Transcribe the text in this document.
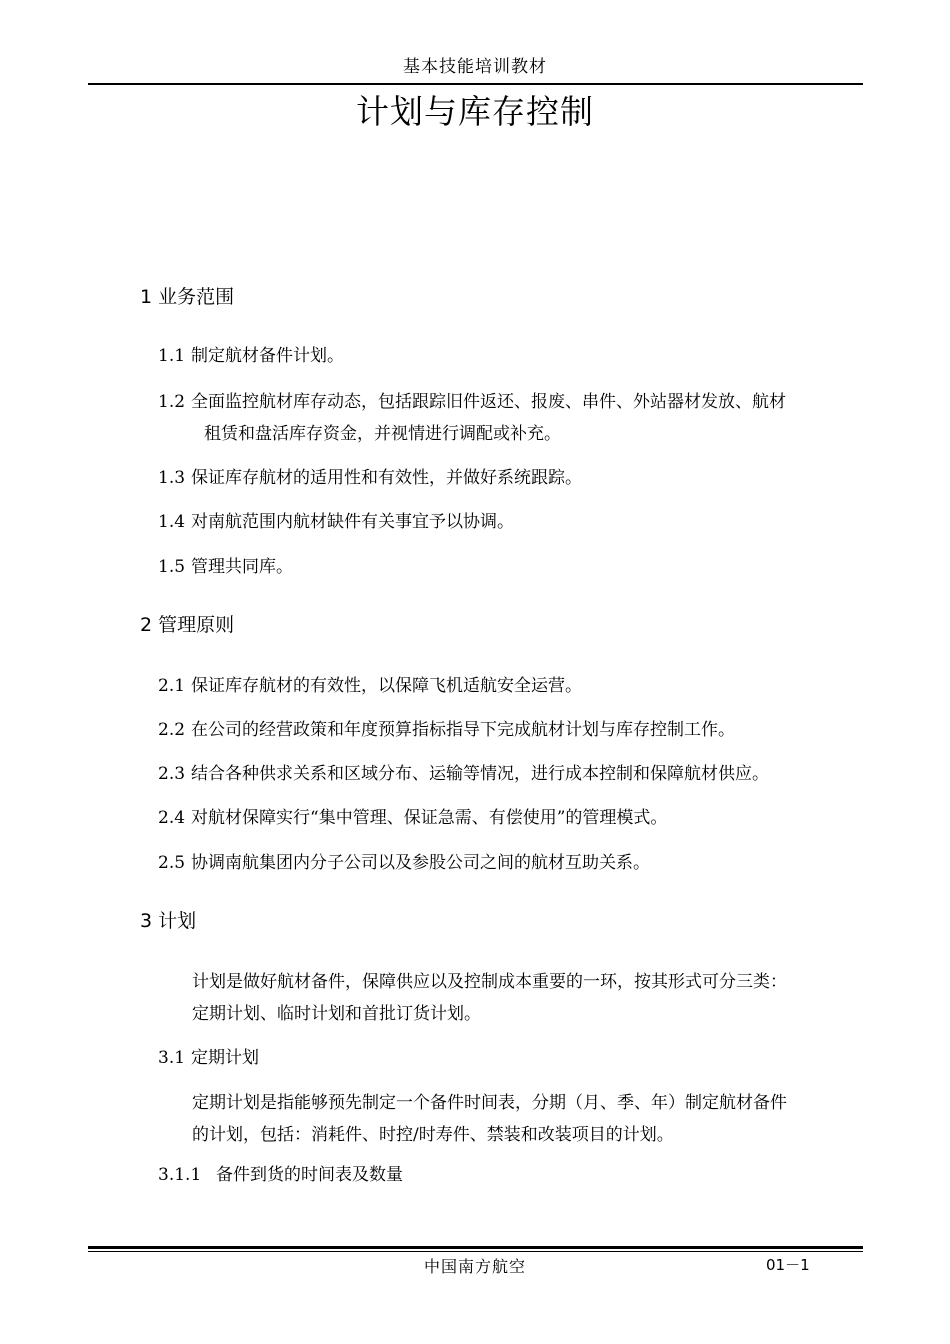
基本技能培训教材
计划与库存控制
1 业务范围
1.1 制定航材备件计划。
1.2 全面监控航材库存动态，包括跟踪旧件返还、报废、串件、外站器材发放、航材
租赁和盘活库存资金，并视情进行调配或补充。
1.3 保证库存航材的适用性和有效性，并做好系统跟踪。
1.4 对南航范围内航材缺件有关事宜予以协调。
1.5 管理共同库。
2 管理原则
2.1 保证库存航材的有效性，以保障飞机适航安全运营。
2.2 在公司的经营政策和年度预算指标指导下完成航材计划与库存控制工作。
2.3 结合各种供求关系和区域分布、运输等情况，进行成本控制和保障航材供应。
2.4 对航材保障实行“集中管理、保证急需、有偿使用”的管理模式。
2.5 协调南航集团内分子公司以及参股公司之间的航材互助关系。
3 计划
计划是做好航材备件，保障供应以及控制成本重要的一环，按其形式可分三类：
定期计划、临时计划和首批订货计划。
3.1 定期计划
定期计划是指能够预先制定一个备件时间表，分期（月、季、年）制定航材备件
的计划，包括：消耗件、时控/时寿件、禁装和改装项目的计划。
3.1.1 备件到货的时间表及数量
中国南方航空	01－1
